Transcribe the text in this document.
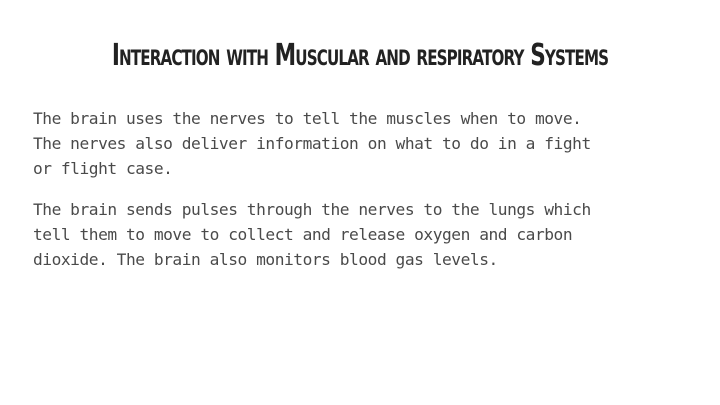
Interaction with Muscular and respiratory Systems

The brain uses the nerves to tell the muscles when to move.
The nerves also deliver information on what to do in a fight
or flight case.

The brain sends pulses through the nerves to the lungs which
tell them to move to collect and release oxygen and carbon
dioxide. The brain also monitors blood gas levels.
